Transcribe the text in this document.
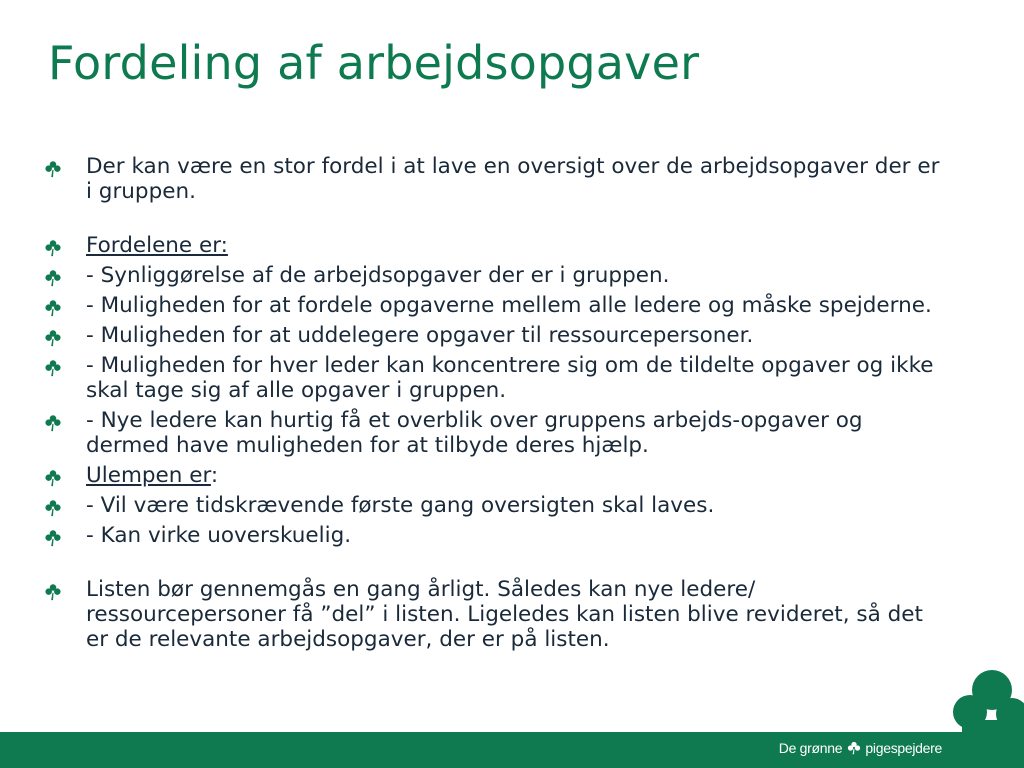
Fordeling af arbejdsopgaver
Der kan være en stor fordel i at lave en oversigt over de arbejdsopgaver der er i gruppen.
Fordelene er:
- Synliggørelse af de arbejdsopgaver der er i gruppen.
- Muligheden for at fordele opgaverne mellem alle ledere og måske spejderne.
- Muligheden for at uddelegere opgaver til ressourcepersoner.
- Muligheden for hver leder kan koncentrere sig om de tildelte opgaver og ikke skal tage sig af alle opgaver i gruppen.
- Nye ledere kan hurtig få et overblik over gruppens arbejds-opgaver og dermed have muligheden for at tilbyde deres hjælp.
Ulempen er:
- Vil være tidskrævende første gang oversigten skal laves.
- Kan virke uoverskuelig.
Listen bør gennemgås en gang årligt. Således kan nye ledere/ ressourcepersoner få ”del” i listen. Ligeledes kan listen blive revideret, så det er de relevante arbejdsopgaver, der er på listen.
De grønne pigespejdere
